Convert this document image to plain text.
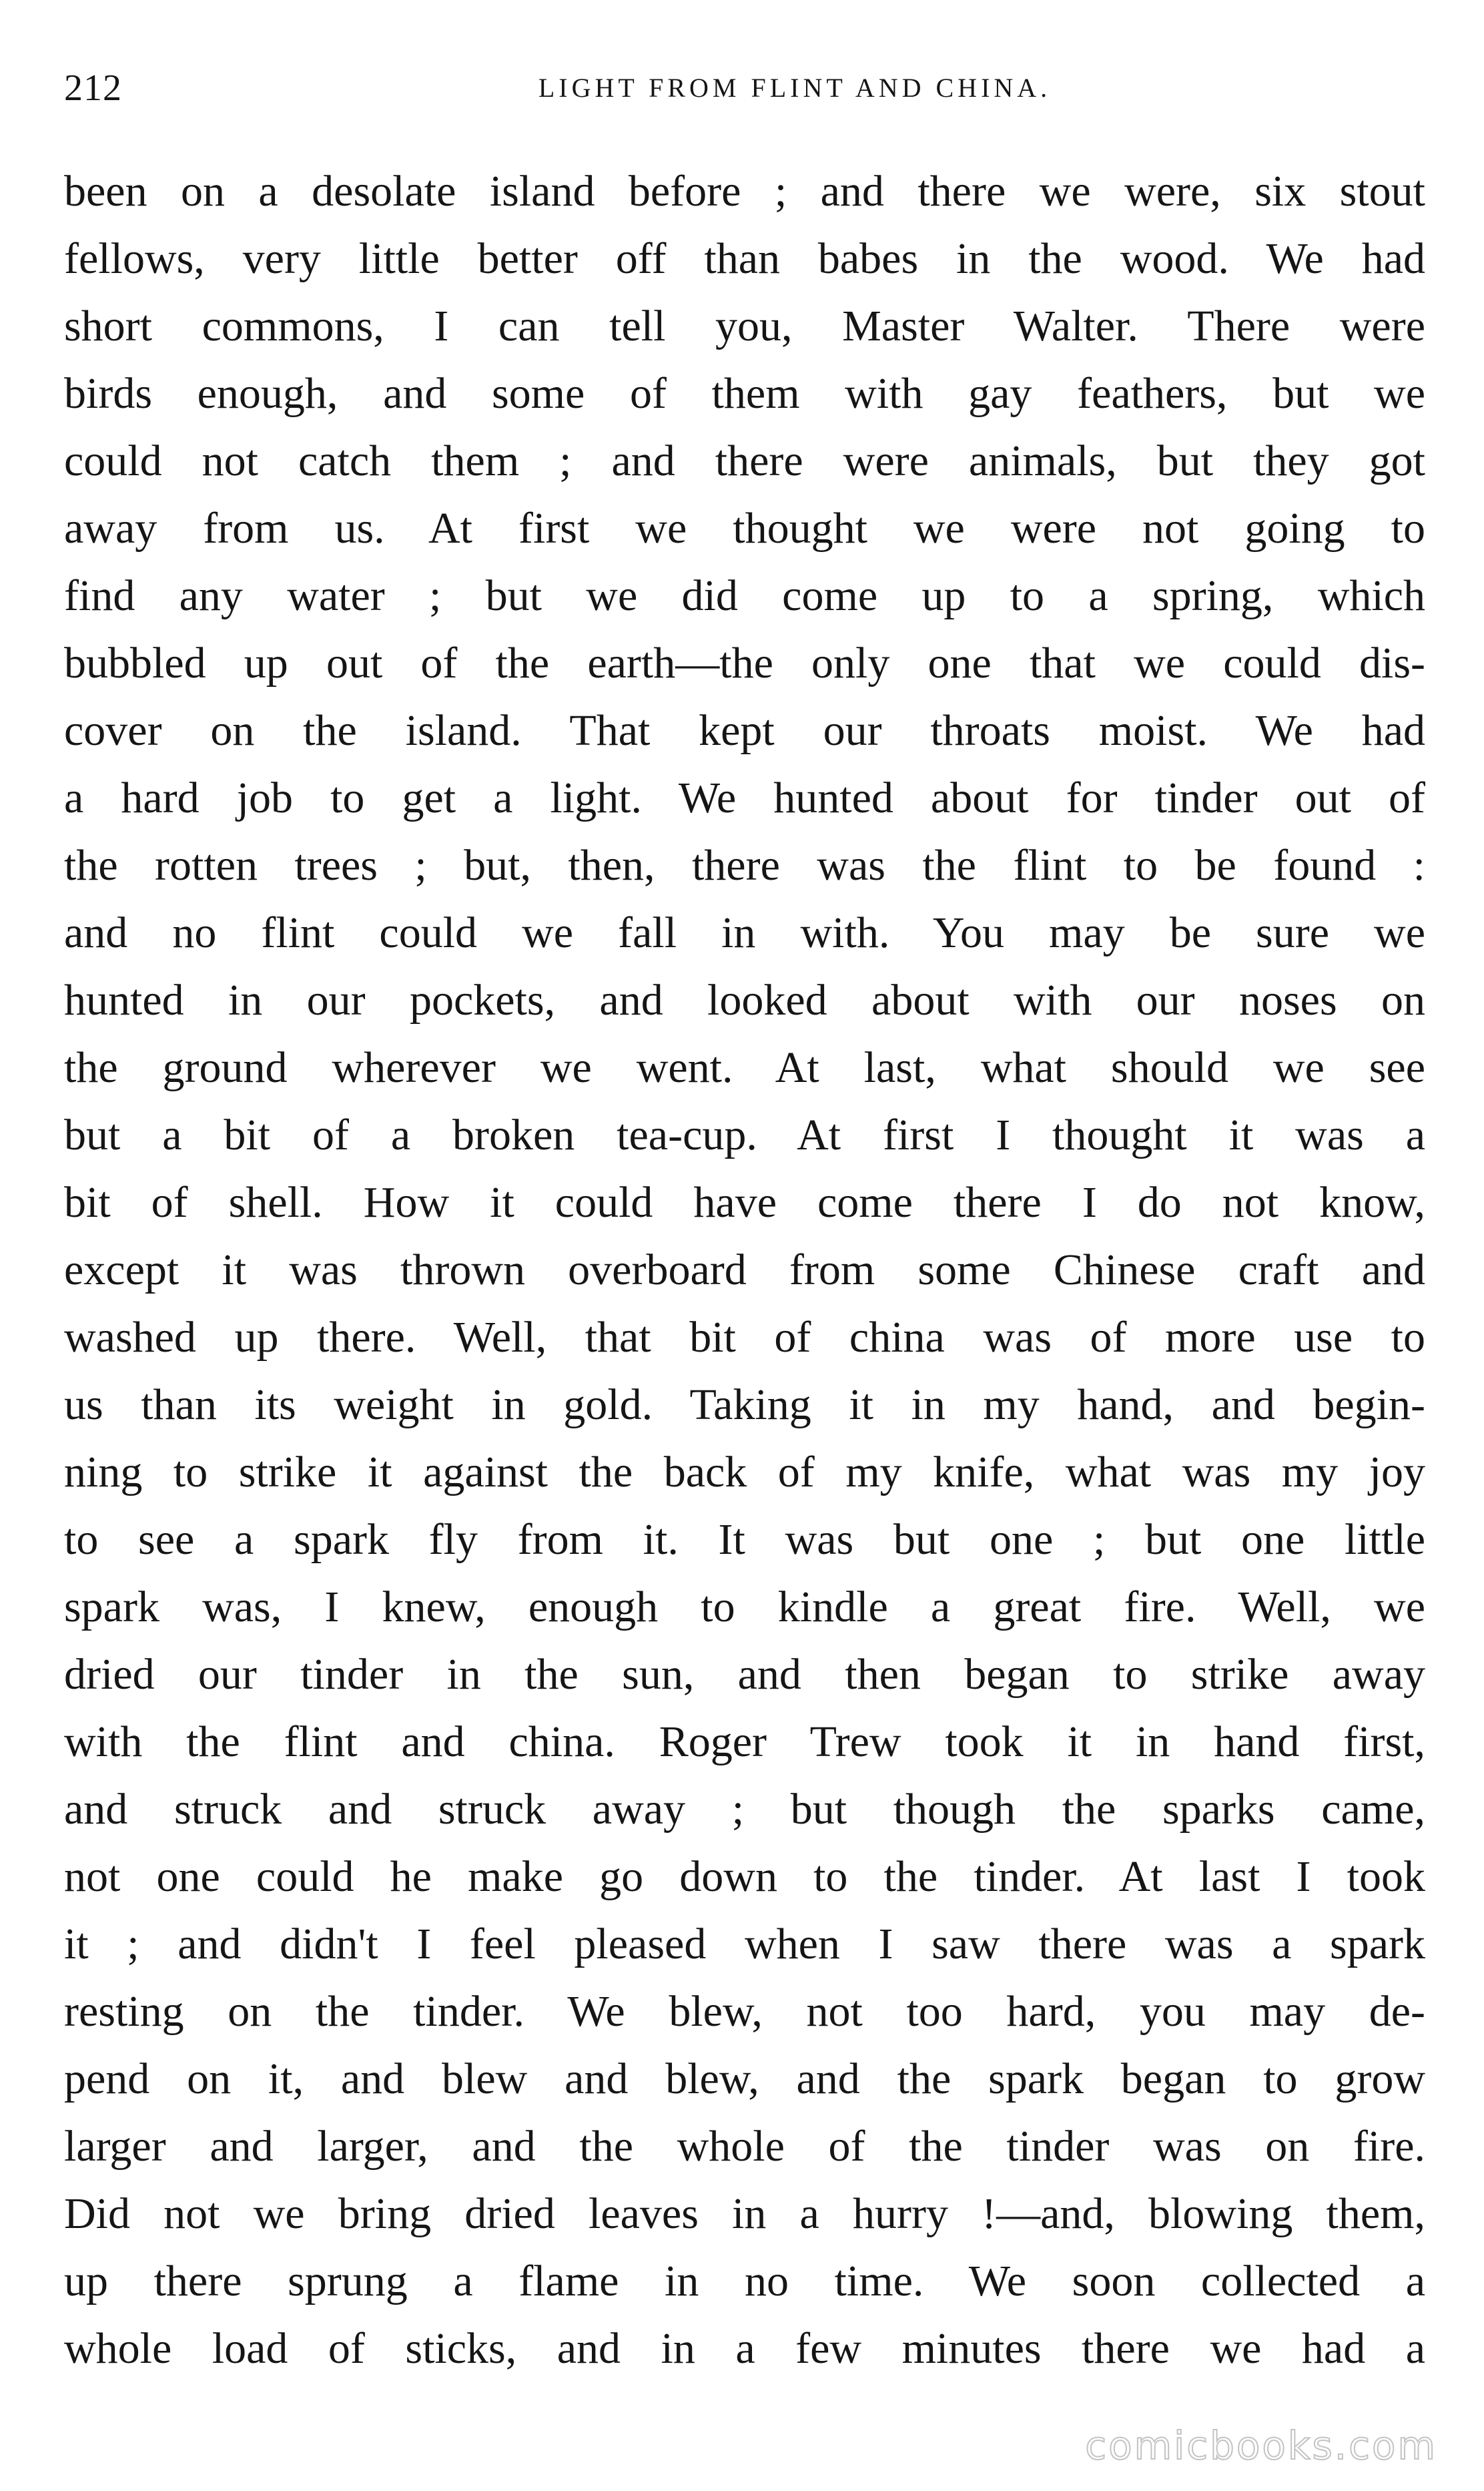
212	LIGHT FROM FLINT AND CHINA.
been on a desolate island before ; and there we were, six stout
fellows, very little better off than babes in the wood. We had
short commons, I can tell you, Master Walter. There were
birds enough, and some of them with gay feathers, but we
could not catch them ; and there were animals, but they got
away from us. At first we thought we were not going to
find any water ; but we did come up to a spring, which
bubbled up out of the earth—the only one that we could dis-
cover on the island. That kept our throats moist. We had
a hard job to get a light. We hunted about for tinder out of
the rotten trees ; but, then, there was the flint to be found :
and no flint could we fall in with. You may be sure we
hunted in our pockets, and looked about with our noses on
the ground wherever we went. At last, what should we see
but a bit of a broken tea-cup. At first I thought it was a
bit of shell. How it could have come there I do not know,
except it was thrown overboard from some Chinese craft and
washed up there. Well, that bit of china was of more use to
us than its weight in gold. Taking it in my hand, and begin-
ning to strike it against the back of my knife, what was my joy
to see a spark fly from it. It was but one ; but one little
spark was, I knew, enough to kindle a great fire. Well, we
dried our tinder in the sun, and then began to strike away
with the flint and china. Roger Trew took it in hand first,
and struck and struck away ; but though the sparks came,
not one could he make go down to the tinder. At last I took
it ; and didn't I feel pleased when I saw there was a spark
resting on the tinder. We blew, not too hard, you may de-
pend on it, and blew and blew, and the spark began to grow
larger and larger, and the whole of the tinder was on fire.
Did not we bring dried leaves in a hurry !—and, blowing them,
up there sprung a flame in no time. We soon collected a
whole load of sticks, and in a few minutes there we had a
comicbooks.com
